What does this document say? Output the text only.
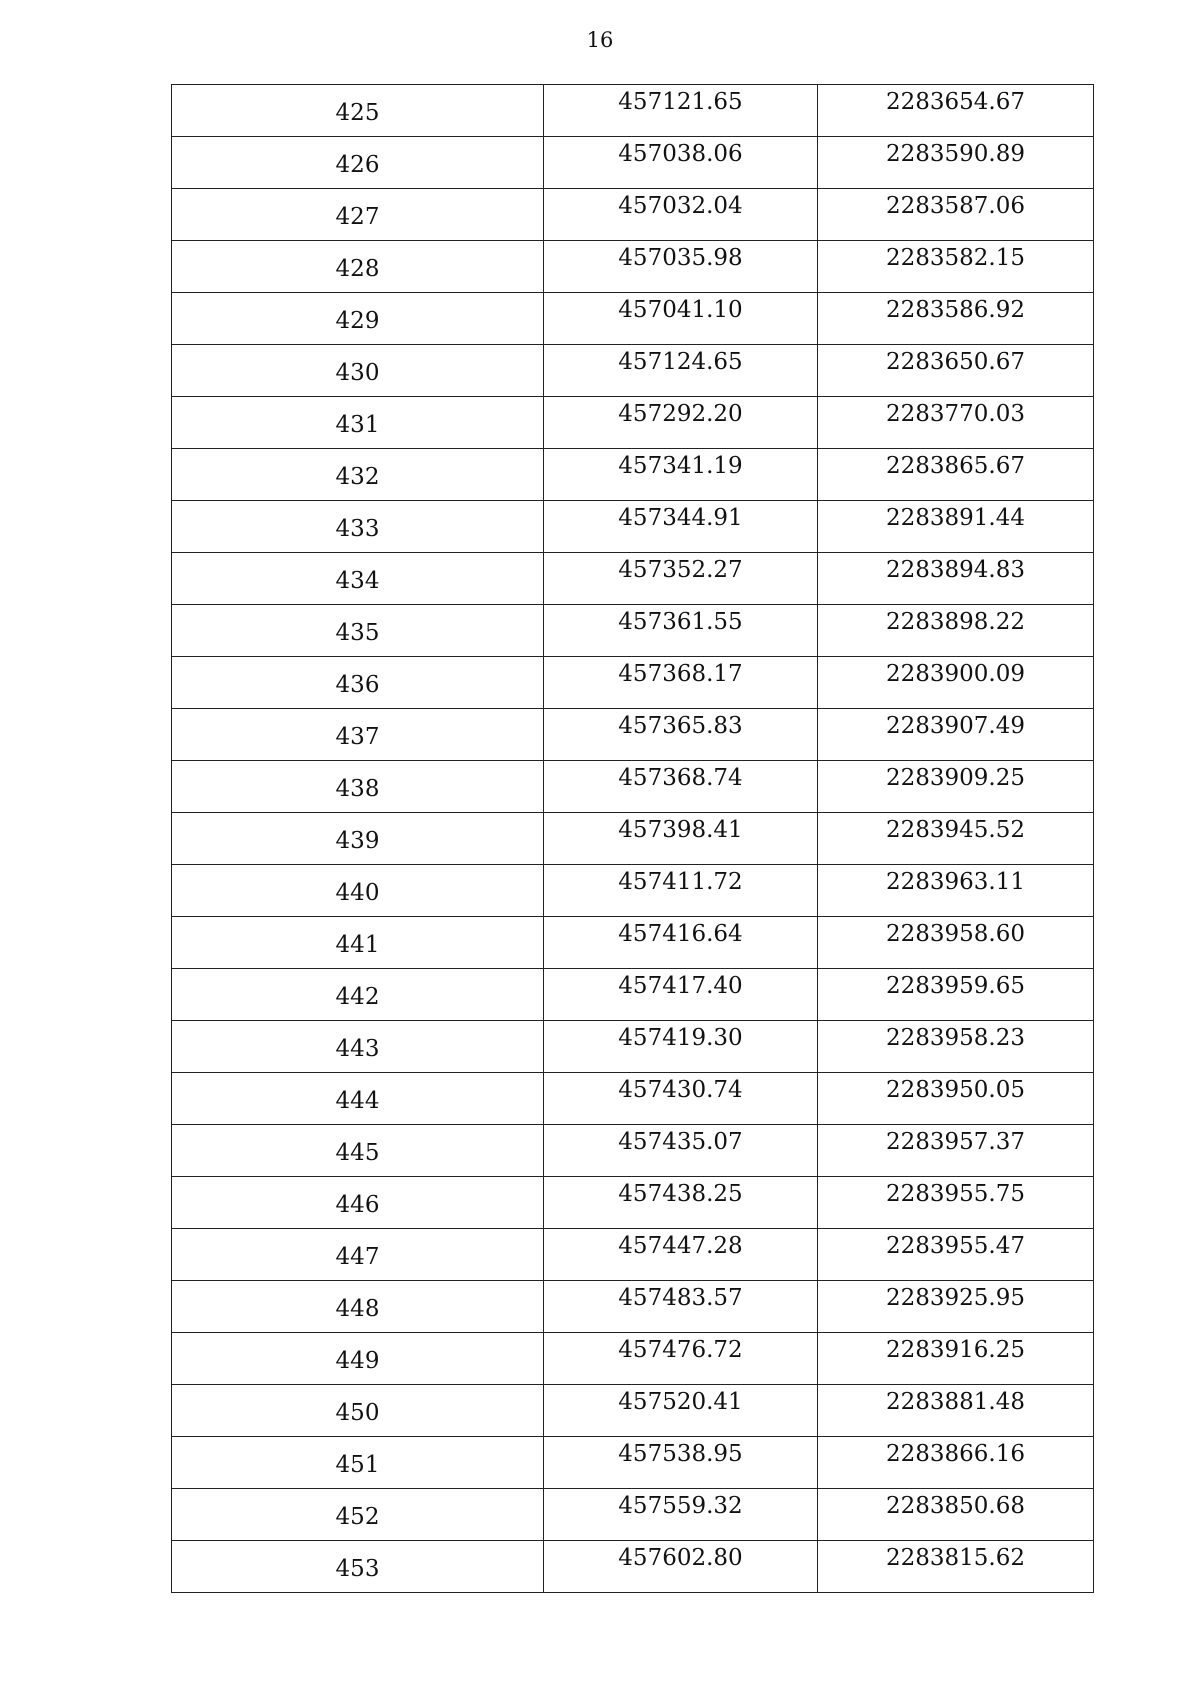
16
425	457121.65	2283654.67
426	457038.06	2283590.89
427	457032.04	2283587.06
428	457035.98	2283582.15
429	457041.10	2283586.92
430	457124.65	2283650.67
431	457292.20	2283770.03
432	457341.19	2283865.67
433	457344.91	2283891.44
434	457352.27	2283894.83
435	457361.55	2283898.22
436	457368.17	2283900.09
437	457365.83	2283907.49
438	457368.74	2283909.25
439	457398.41	2283945.52
440	457411.72	2283963.11
441	457416.64	2283958.60
442	457417.40	2283959.65
443	457419.30	2283958.23
444	457430.74	2283950.05
445	457435.07	2283957.37
446	457438.25	2283955.75
447	457447.28	2283955.47
448	457483.57	2283925.95
449	457476.72	2283916.25
450	457520.41	2283881.48
451	457538.95	2283866.16
452	457559.32	2283850.68
453	457602.80	2283815.62
